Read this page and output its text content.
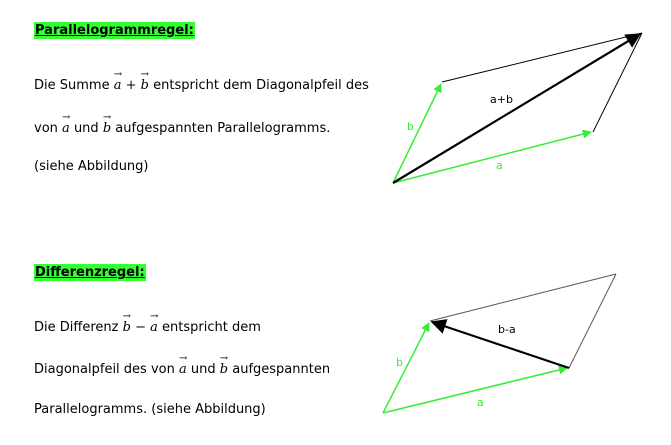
Parallelogrammregel:
Die Summe → a + → b entspricht dem Diagonalpfeil des
von → a und → b aufgespannten Parallelogramms.
(siehe Abbildung)
Differenzregel:
Die Differenz → b − → a entspricht dem
Diagonalpfeil des von → a und → b aufgespannten
Parallelogramms. (siehe Abbildung)
a+b
b
a
b-a
b
a
